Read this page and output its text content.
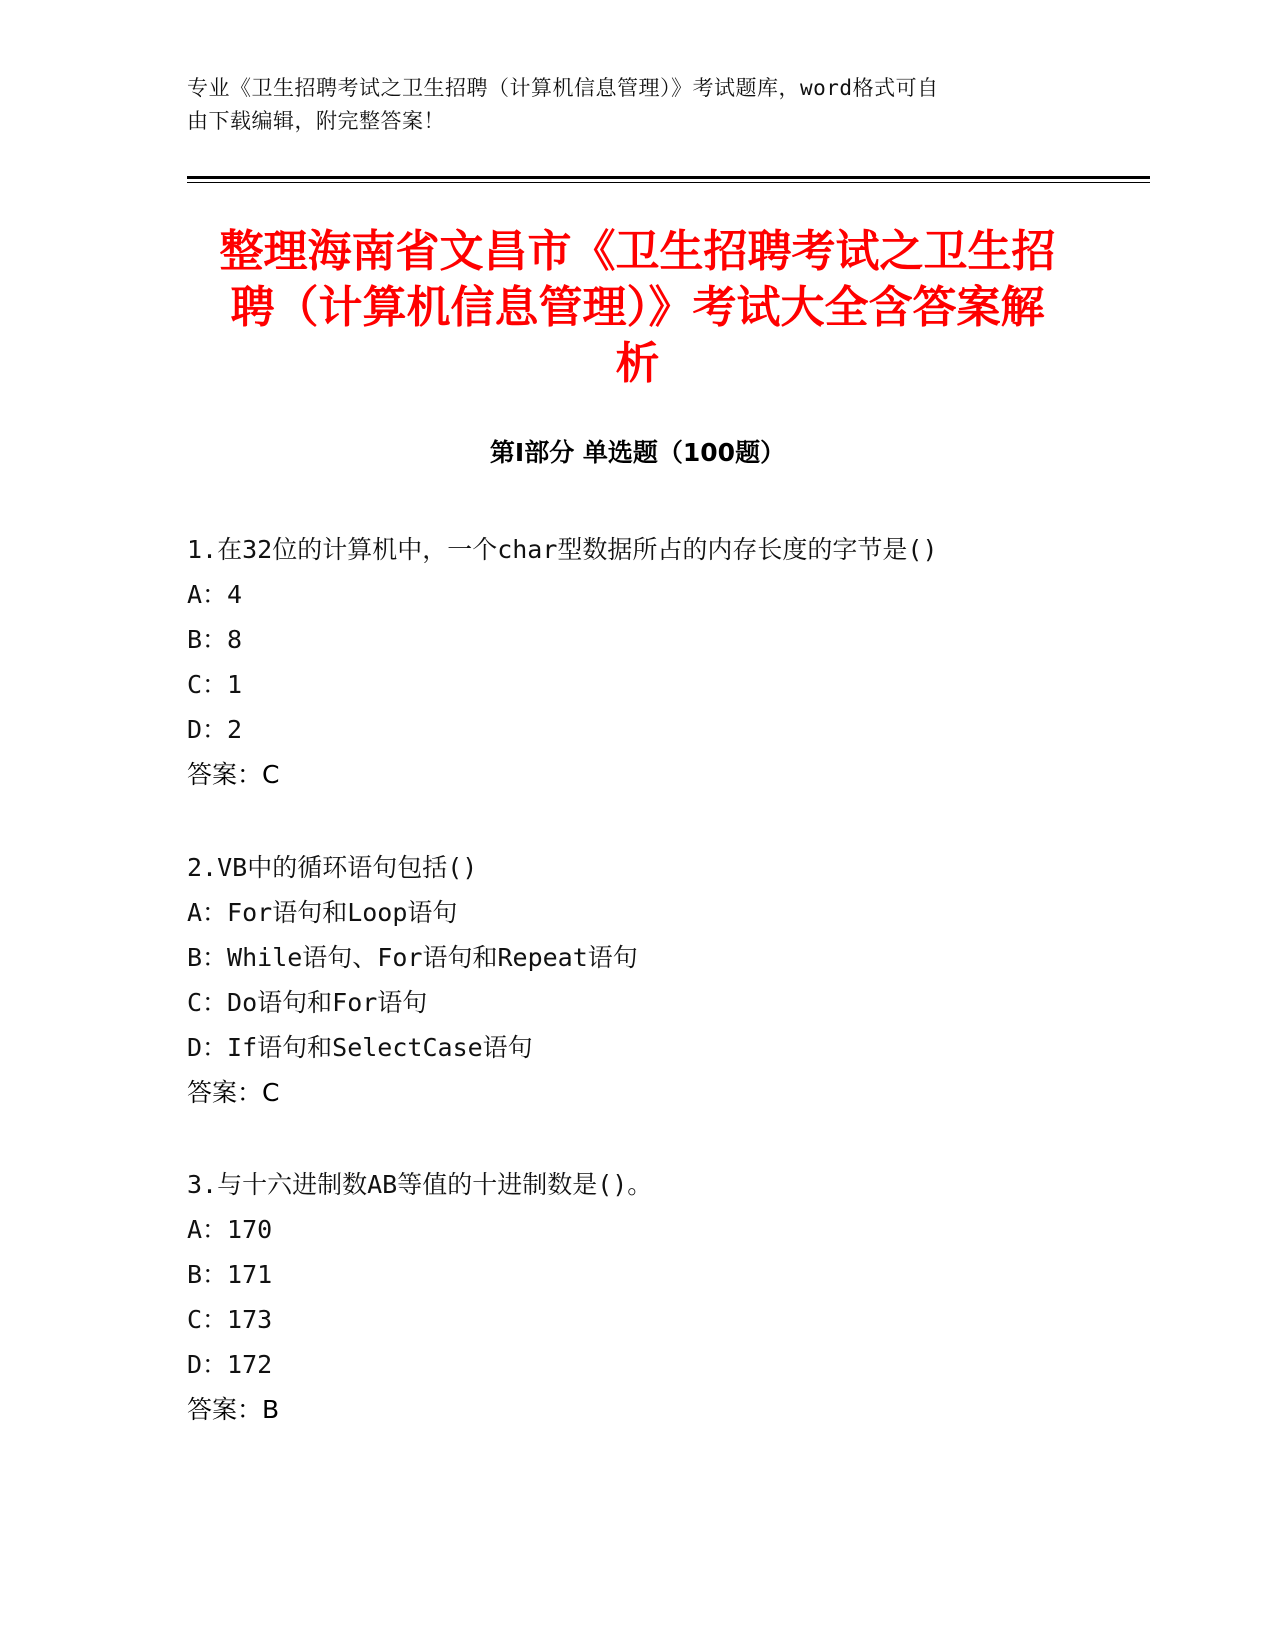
专业《卫生招聘考试之卫生招聘（计算机信息管理）》考试题库，word格式可自
由下载编辑，附完整答案！
整理海南省文昌市《卫生招聘考试之卫生招
聘（计算机信息管理）》考试大全含答案解
析
第Ⅰ部分 单选题（100题）
1.在32位的计算机中，一个char型数据所占的内存长度的字节是()
A：4
B：8
C：1
D：2
答案：C
2.VB中的循环语句包括()
A：For语句和Loop语句
B：While语句、For语句和Repeat语句
C：Do语句和For语句
D：If语句和SelectCase语句
答案：C
3.与十六进制数AB等值的十进制数是()。
A：170
B：171
C：173
D：172
答案：B
